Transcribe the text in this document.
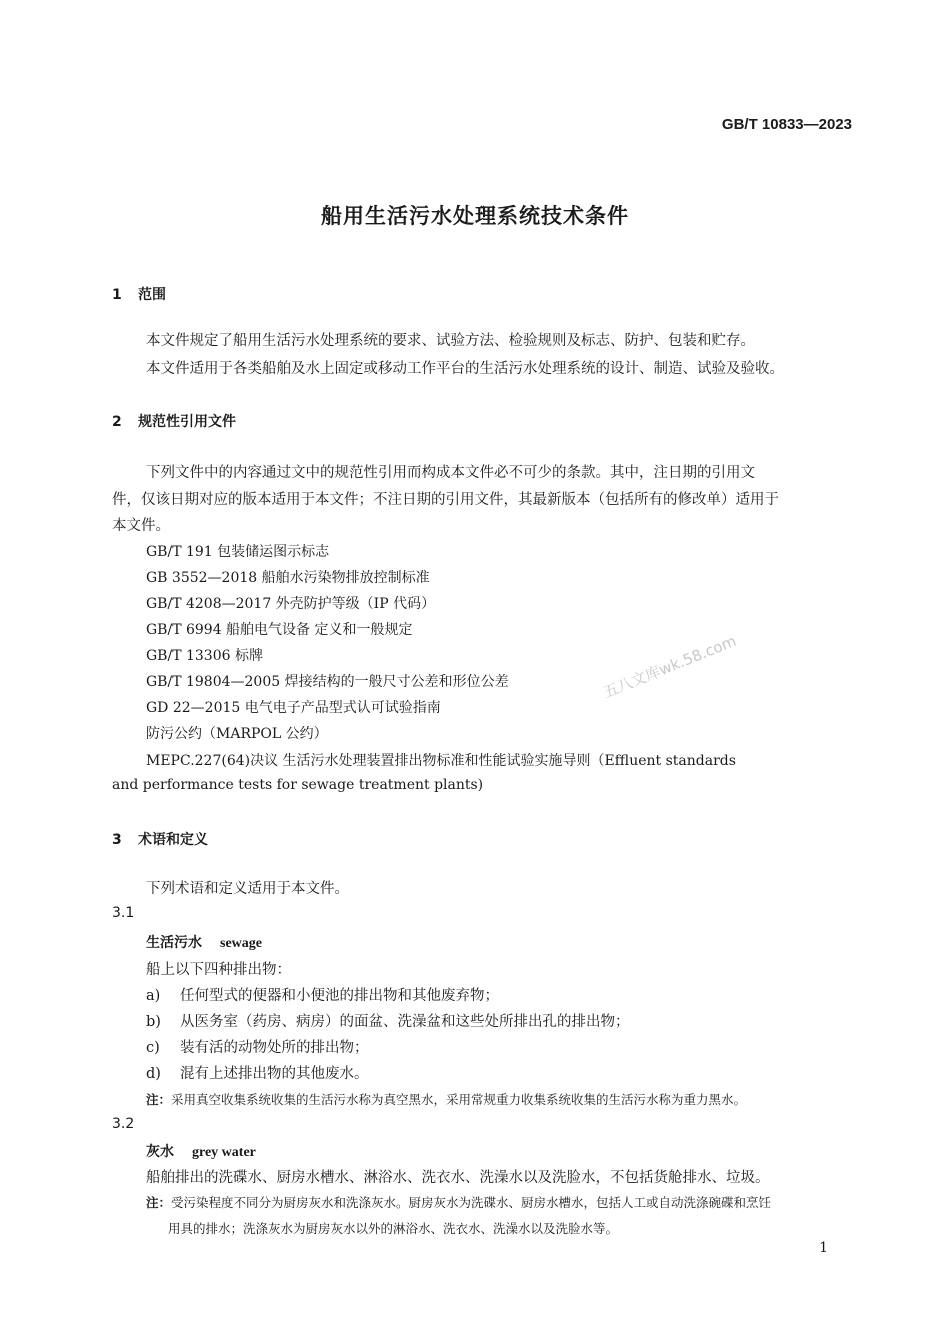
GB/T 10833—2023
船用生活污水处理系统技术条件
1 范围
本文件规定了船用生活污水处理系统的要求、试验方法、检验规则及标志、防护、包装和贮存。
本文件适用于各类船舶及水上固定或移动工作平台的生活污水处理系统的设计、制造、试验及验收。
2 规范性引用文件
下列文件中的内容通过文中的规范性引用而构成本文件必不可少的条款。其中，注日期的引用文
件，仅该日期对应的版本适用于本文件；不注日期的引用文件，其最新版本（包括所有的修改单）适用于
本文件。
GB/T 191 包装储运图示标志
GB 3552—2018 船舶水污染物排放控制标准
GB/T 4208—2017 外壳防护等级（IP 代码）
GB/T 6994 船舶电气设备 定义和一般规定
GB/T 13306 标牌
GB/T 19804—2005 焊接结构的一般尺寸公差和形位公差
GD 22—2015 电气电子产品型式认可试验指南
防污公约（MARPOL 公约）
MEPC.227(64)决议 生活污水处理装置排出物标准和性能试验实施导则（Effluent standards
and performance tests for sewage treatment plants)
3 术语和定义
下列术语和定义适用于本文件。
3.1
生活污水 sewage
船上以下四种排出物：
a) 任何型式的便器和小便池的排出物和其他废弃物；
b) 从医务室（药房、病房）的面盆、洗澡盆和这些处所排出孔的排出物；
c) 装有活的动物处所的排出物；
d) 混有上述排出物的其他废水。
注：采用真空收集系统收集的生活污水称为真空黑水，采用常规重力收集系统收集的生活污水称为重力黑水。
3.2
灰水 grey water
船舶排出的洗碟水、厨房水槽水、淋浴水、洗衣水、洗澡水以及洗脸水，不包括货舱排水、垃圾。
注：受污染程度不同分为厨房灰水和洗涤灰水。厨房灰水为洗碟水、厨房水槽水，包括人工或自动洗涤碗碟和烹饪
用具的排水；洗涤灰水为厨房灰水以外的淋浴水、洗衣水、洗澡水以及洗脸水等。
五八文库wk.58.com
1
